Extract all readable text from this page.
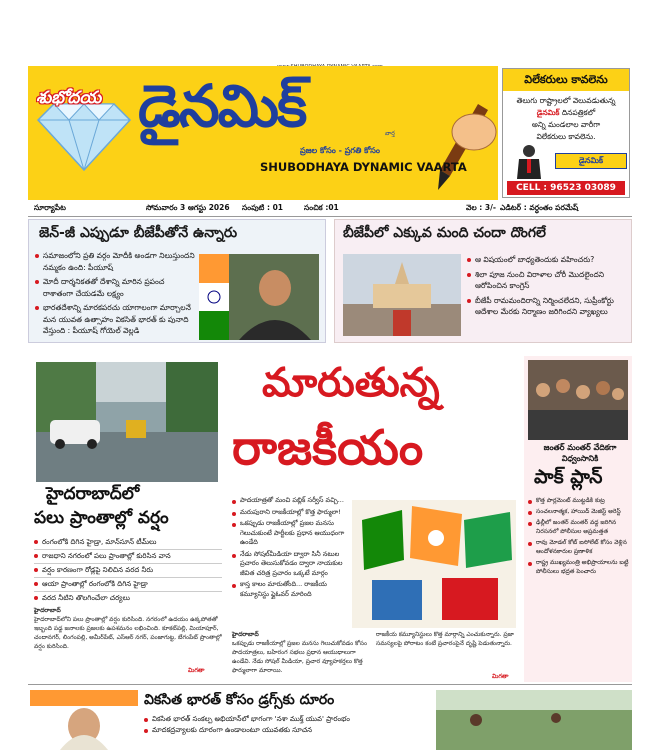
శుభోదయ డైనమిక్	వార్త
ప్రజల కోసం - ప్రగతి కోసం
SHUBODHAYA DYNAMIC VAARTA
విలేకరులు కావలెను
తెలుగు రాష్ట్రాలలో వెలువడుతున్న
డైనమిక్ దినపత్రికలో
అన్ని మండలాల వారీగా
విలేకరులు కావలెను.
డైనమిక్
CELL : 96523 03089
సూర్యాపేట	సోమవారం 3 ఆగస్టు 2026 సంపుటి : 01	సంచిక :01	వెల : 3/- ఎడిటర్ : వర్ధంతం పరమేష్
జెన్-జీ ఎప్పుడూ బీజేపీతోనే ఉన్నారు
సమాజంలోని ప్రతి వర్గం మోదీకి అండగా నిలుస్తుందని నమ్మకం ఉంది: పీయూష్
మోదీ దార్శనికతతో దేశాన్ని మారిన ప్రపంచ రాశాతంగా చేయడమే లక్ష్యం
భారతదేశాన్ని మారకపరచు యాగాలంగా మార్చాలనే మన యువత ఉత్సాహం వికసిత్ భారత్ కు పునాది వేస్తుంది : పీయూష్ గోయెల్ వెల్లడి
బీజేపీలో ఎక్కువ మంది చందా దొంగలే
ఆ విషయంలో బాధ్యతెందుకు వహించరు?
శిలా పూజ నుంచి విరాళాల చోరీ మొదలైందని ఆరోపించిన కాంగ్రెస్
బీజేపీ రామమందిరాన్ని నిర్మించలేదని, సుప్రీంకోర్టు ఆదేశాల మేరకు నిర్మాణం జరిగిందని వ్యాఖ్యలు
హైదరాబాద్‌లో
పలు ప్రాంతాల్లో వర్షం
రంగంలోకి దిగిన హైడ్రా, మాన్‌సూన్ టీమ్‌లు
రాజధాని నగరంలో పలు ప్రాంతాల్లో కురిసిన వాన
వర్షం కారణంగా రోడ్లపై నిలిచిన వరద నీరు
ఆయా ప్రాంతాల్లో రంగంలోకి దిగిన హైడ్రా
వరద నీటిని తొలగించేలా చర్యలు
హైదరాబాద్
హైదరాబాద్‌లోని పలు ప్రాంతాల్లో వర్షం కురిసింది. నగరంలో ఉదయం ఉక్కపోతతో ఇబ్బంది పడ్డ జనాలకు ప్రజలకు ఉపశమనం లభించింది. కూకట్‌పల్లి, మియాపూర్, చందానగర్, లింగంపల్లి, అమీర్‌పేట్, ఎస్ఆర్ నగర్, పంజాగుట్ట, బేగంపేట్ ప్రాంతాల్లో వర్షం కురిసింది.
మిగతా
మారుతున్న
రాజకీయం
పాదయాత్రతో మంచి పబ్లిక్ సర్వీస్ వచ్చి...
మరుపురాని రాజకీయాల్లో కొత్త ఫార్ములా!
ఒకప్పుడు రాజకీయాల్లో ప్రజల మనసు గెలుచుకుంటే పార్టీలకు ప్రధాన ఆయుధంగా ఉండేది
నేడు సోషల్‌మీడియా ద్వారా సినీ నటుల ప్రచారం తెలుసుకోవడం ద్వారా నాయకుల జీవిత చరిత్ర ప్రచారం ఒక్కటే మార్గం
కాస్త కాలం మారుతోంది... రాజకీయ కమ్యూనిస్టు ఫ్లైఓవర్ మారింది
హైదరాబాద్
ఒకప్పుడు రాజకీయాల్లో ప్రజల మనసు గెలుచుకోవడం కోసం పాదయాత్రలు, బహిరంగ సభలు ప్రధాన ఆయుధాలుగా ఉండేవి. నేడు సోషల్ మీడియా, ప్రచార వ్యూహకర్తలు కొత్త ఫార్ములాగా మారాయి.
రాజకీయ కమ్యూనిస్టులు కొత్త మార్గాన్ని ఎంచుకున్నారు. ప్రజా సమస్యలపై పోరాటం కంటే ప్రచారంపైనే దృష్టి పెడుతున్నారు.
మిగతా
జంతర్ మంతర్ వేదికగా విధ్వంసానికి
పాక్ ప్లాన్
కొత్త పార్లమెంట్ ముట్టడికి కుట్ర
సంచలనాత్మక, హాయిద్ మెజిస్ట్ అరెస్ట్
ఢిల్లీలో జంతర్ మంతర్ వద్ద జరిగిన నిరసనలో పోలీసుల అప్రమత్తత
రావు మోడల్ కోట్ ఐసోలేట్ కోసం వెళ్లిన ఆందోళనకారుల ప్రణాళిక
రాష్ట్ర ముఖ్యమంత్రి అభిప్రాయాలను బట్టి పోలీసులు భద్రత పెంచారు
వికసిత భారత్ కోసం డ్రగ్స్‌కు దూరం
వికసిత భారత్ సంకల్ప అభియాన్‌లో భాగంగా 'నశా ముక్త్ యువ' ప్రారంభం
మాదకద్రవ్యాలకు దూరంగా ఉండాలంటూ యువతకు సూచన
